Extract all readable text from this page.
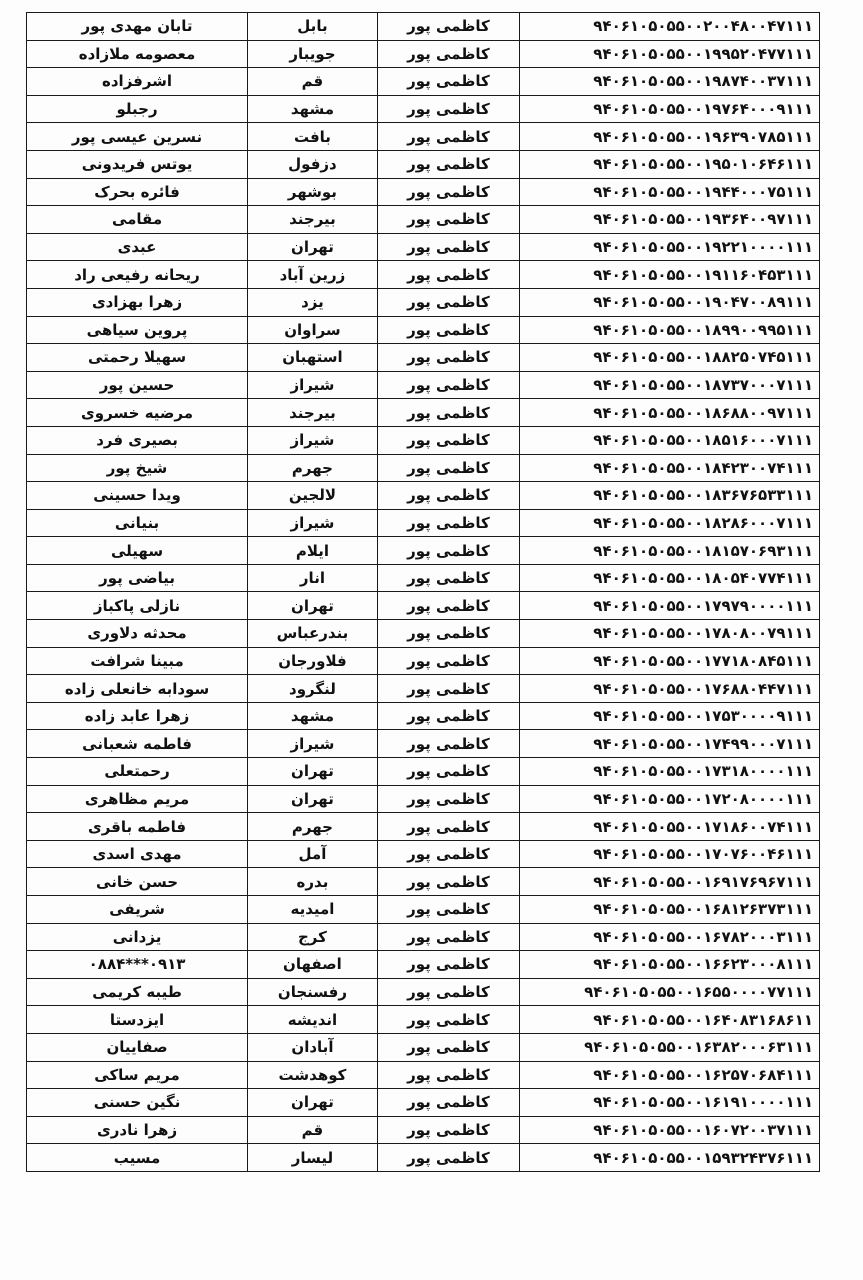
تابان مهدی پور	بابل	کاظمی پور	۹۴۰۶۱۰۵۰۵۵۰۰۲۰۰۴۸۰۰۴۷۱۱۱
معصومه ملازاده	جویبار	کاظمی پور	۹۴۰۶۱۰۵۰۵۵۰۰۱۹۹۵۲۰۴۷۷۱۱۱
اشرفزاده	قم	کاظمی پور	۹۴۰۶۱۰۵۰۵۵۰۰۱۹۸۷۴۰۰۳۷۱۱۱
رجبلو	مشهد	کاظمی پور	۹۴۰۶۱۰۵۰۵۵۰۰۱۹۷۶۴۰۰۰۹۱۱۱
نسرین عیسی پور	بافت	کاظمی پور	۹۴۰۶۱۰۵۰۵۵۰۰۱۹۶۳۹۰۷۸۵۱۱۱
یوتس فریدونی	دزفول	کاظمی پور	۹۴۰۶۱۰۵۰۵۵۰۰۱۹۵۰۱۰۶۴۶۱۱۱
فائره بحرک	بوشهر	کاظمی پور	۹۴۰۶۱۰۵۰۵۵۰۰۱۹۴۴۰۰۰۷۵۱۱۱
مقامی	بیرجند	کاظمی پور	۹۴۰۶۱۰۵۰۵۵۰۰۱۹۳۶۴۰۰۹۷۱۱۱
عبدی	تهران	کاظمی پور	۹۴۰۶۱۰۵۰۵۵۰۰۱۹۲۲۱۰۰۰۰۱۱۱
ریحانه رفیعی راد	زرین آباد	کاظمی پور	۹۴۰۶۱۰۵۰۵۵۰۰۱۹۱۱۶۰۴۵۳۱۱۱
زهرا بهزادی	یزد	کاظمی پور	۹۴۰۶۱۰۵۰۵۵۰۰۱۹۰۴۷۰۰۸۹۱۱۱
پروین سیاهی	سراوان	کاظمی پور	۹۴۰۶۱۰۵۰۵۵۰۰۱۸۹۹۰۰۹۹۵۱۱۱
سهیلا رحمتی	استهبان	کاظمی پور	۹۴۰۶۱۰۵۰۵۵۰۰۱۸۸۲۵۰۷۴۵۱۱۱
حسین پور	شیراز	کاظمی پور	۹۴۰۶۱۰۵۰۵۵۰۰۱۸۷۳۷۰۰۰۷۱۱۱
مرضیه خسروی	بیرجند	کاظمی پور	۹۴۰۶۱۰۵۰۵۵۰۰۱۸۶۸۸۰۰۹۷۱۱۱
بصیری فرد	شیراز	کاظمی پور	۹۴۰۶۱۰۵۰۵۵۰۰۱۸۵۱۶۰۰۰۷۱۱۱
شیخ پور	جهرم	کاظمی پور	۹۴۰۶۱۰۵۰۵۵۰۰۱۸۴۲۳۰۰۷۴۱۱۱
ویدا حسینی	لالجین	کاظمی پور	۹۴۰۶۱۰۵۰۵۵۰۰۱۸۳۶۷۶۵۳۳۱۱۱
بنیانی	شیراز	کاظمی پور	۹۴۰۶۱۰۵۰۵۵۰۰۱۸۲۸۶۰۰۰۷۱۱۱
سهیلی	ایلام	کاظمی پور	۹۴۰۶۱۰۵۰۵۵۰۰۱۸۱۵۷۰۶۹۳۱۱۱
بیاضی پور	انار	کاظمی پور	۹۴۰۶۱۰۵۰۵۵۰۰۱۸۰۵۴۰۷۷۴۱۱۱
نازلی پاکباز	تهران	کاظمی پور	۹۴۰۶۱۰۵۰۵۵۰۰۱۷۹۷۹۰۰۰۰۱۱۱
محدثه دلاوری	بندرعباس	کاظمی پور	۹۴۰۶۱۰۵۰۵۵۰۰۱۷۸۰۸۰۰۷۹۱۱۱
مبینا شرافت	فلاورجان	کاظمی پور	۹۴۰۶۱۰۵۰۵۵۰۰۱۷۷۱۸۰۸۴۵۱۱۱
سودابه خانعلی زاده	لنگرود	کاظمی پور	۹۴۰۶۱۰۵۰۵۵۰۰۱۷۶۸۸۰۴۴۷۱۱۱
زهرا عابد زاده	مشهد	کاظمی پور	۹۴۰۶۱۰۵۰۵۵۰۰۱۷۵۳۰۰۰۰۹۱۱۱
فاطمه شعبانی	شیراز	کاظمی پور	۹۴۰۶۱۰۵۰۵۵۰۰۱۷۴۹۹۰۰۰۷۱۱۱
رحمتعلی	تهران	کاظمی پور	۹۴۰۶۱۰۵۰۵۵۰۰۱۷۳۱۸۰۰۰۰۱۱۱
مریم مظاهری	تهران	کاظمی پور	۹۴۰۶۱۰۵۰۵۵۰۰۱۷۲۰۸۰۰۰۰۱۱۱
فاطمه باقری	جهرم	کاظمی پور	۹۴۰۶۱۰۵۰۵۵۰۰۱۷۱۸۶۰۰۷۴۱۱۱
مهدی اسدی	آمل	کاظمی پور	۹۴۰۶۱۰۵۰۵۵۰۰۱۷۰۷۶۰۰۴۶۱۱۱
حسن خانی	بدره	کاظمی پور	۹۴۰۶۱۰۵۰۵۵۰۰۱۶۹۱۷۶۹۶۷۱۱۱
شریفی	امیدیه	کاظمی پور	۹۴۰۶۱۰۵۰۵۵۰۰۱۶۸۱۲۶۳۷۳۱۱۱
یزدانی	کرج	کاظمی پور	۹۴۰۶۱۰۵۰۵۵۰۰۱۶۷۸۲۰۰۰۳۱۱۱
۰۹۱۳***۰۸۸۴	اصفهان	کاظمی پور	۹۴۰۶۱۰۵۰۵۵۰۰۱۶۶۲۳۰۰۰۸۱۱۱
طیبه کریمی	رفسنجان	کاظمی پور	۹۴۰۶۱۰۵۰۵۵۰۰۱۶۵۵۰۰۰۰۷۷۱۱۱
ایزدستا	اندیشه	کاظمی پور	۹۴۰۶۱۰۵۰۵۵۰۰۱۶۴۰۸۳۱۶۸۶۱۱
صفاییان	آبادان	کاظمی پور	۹۴۰۶۱۰۵۰۵۵۰۰۱۶۳۸۲۰۰۰۶۳۱۱۱
مریم ساکی	کوهدشت	کاظمی پور	۹۴۰۶۱۰۵۰۵۵۰۰۱۶۲۵۷۰۶۸۴۱۱۱
نگین حسنی	تهران	کاظمی پور	۹۴۰۶۱۰۵۰۵۵۰۰۱۶۱۹۱۰۰۰۰۱۱۱
زهرا نادری	قم	کاظمی پور	۹۴۰۶۱۰۵۰۵۵۰۰۱۶۰۷۲۰۰۳۷۱۱۱
مسیب	لیسار	کاظمی پور	۹۴۰۶۱۰۵۰۵۵۰۰۱۵۹۳۲۴۳۷۶۱۱۱
